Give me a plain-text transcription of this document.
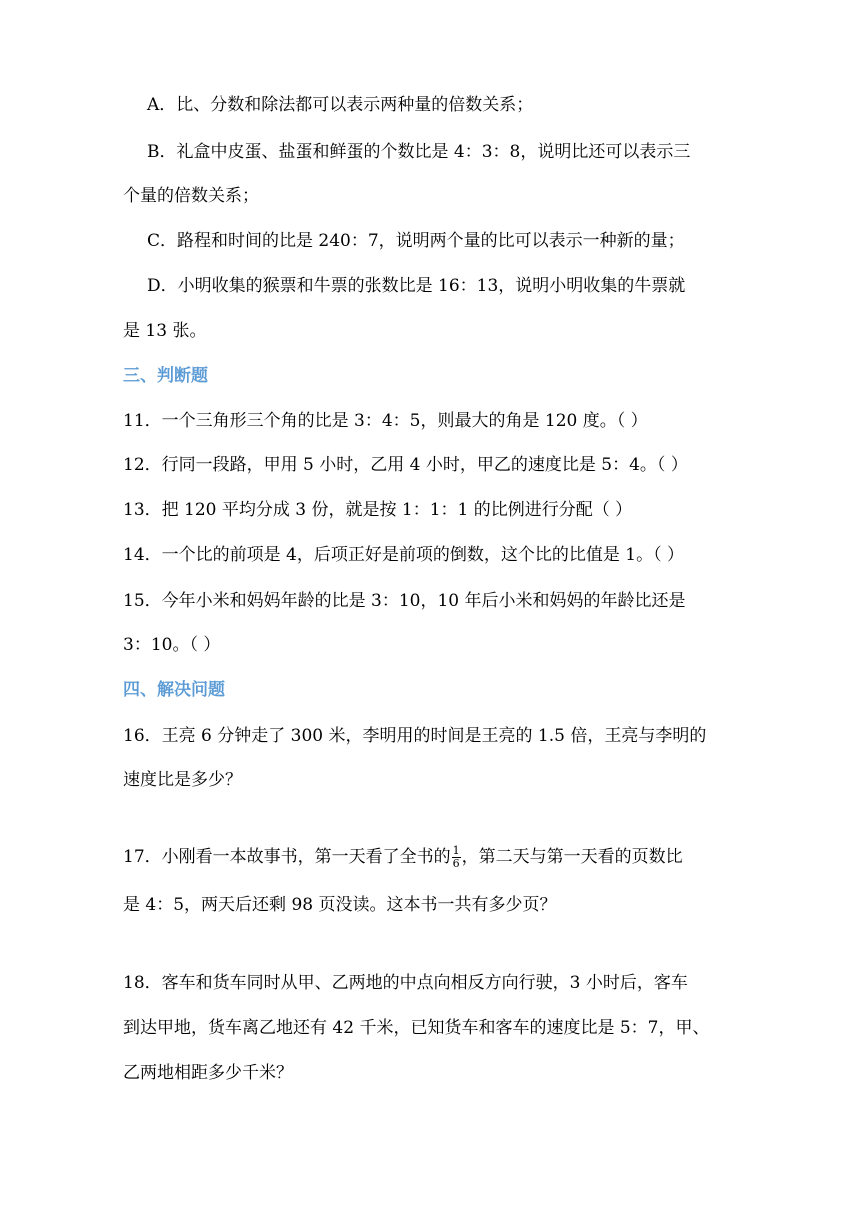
A．比、分数和除法都可以表示两种量的倍数关系；
B．礼盒中皮蛋、盐蛋和鲜蛋的个数比是 4：3：8，说明比还可以表示三
个量的倍数关系；
C．路程和时间的比是 240：7，说明两个量的比可以表示一种新的量；
D．小明收集的猴票和牛票的张数比是 16：13，说明小明收集的牛票就
是 13 张。
三、判断题
11．一个三角形三个角的比是 3：4：5，则最大的角是 120 度。（ ）
12．行同一段路，甲用 5 小时，乙用 4 小时，甲乙的速度比是 5：4。（ ）
13．把 120 平均分成 3 份，就是按 1：1：1 的比例进行分配（ ）
14．一个比的前项是 4，后项正好是前项的倒数，这个比的比值是 1。（ ）
15．今年小米和妈妈年龄的比是 3：10，10 年后小米和妈妈的年龄比还是
3：10。（ ）
四、解决问题
16．王亮 6 分钟走了 300 米，李明用的时间是王亮的 1.5 倍，王亮与李明的
速度比是多少？
17．小刚看一本故事书，第一天看了全书的 $\frac{1}{6}$ ，第二天与第一天看的页数比
是 4：5，两天后还剩 98 页没读。这本书一共有多少页？
18．客车和货车同时从甲、乙两地的中点向相反方向行驶，3 小时后，客车
到达甲地，货车离乙地还有 42 千米，已知货车和客车的速度比是 5：7，甲、
乙两地相距多少千米？
